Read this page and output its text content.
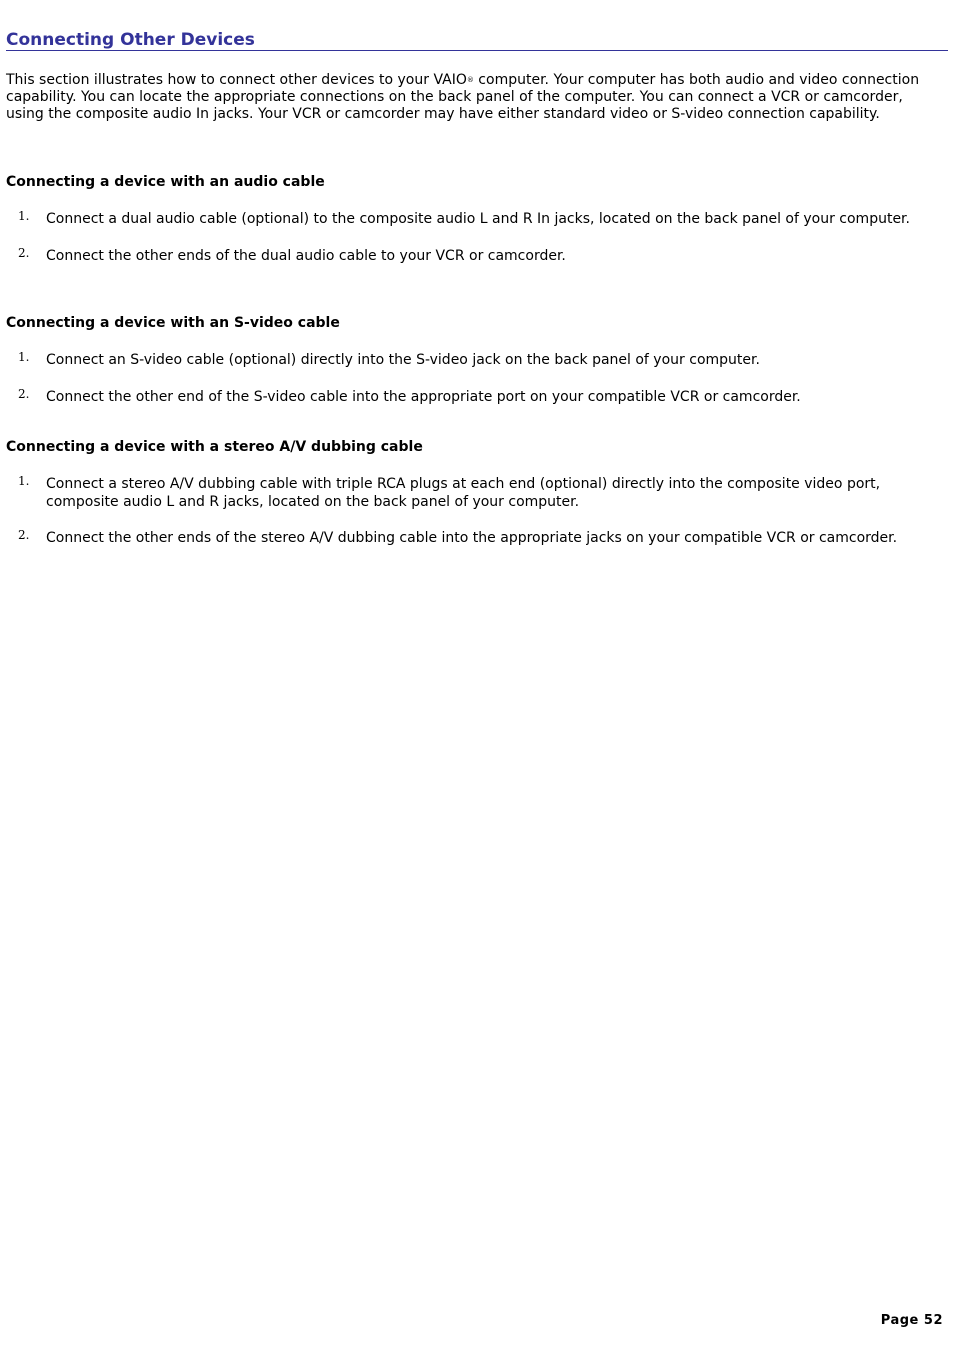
Connecting Other Devices

This section illustrates how to connect other devices to your VAIO® computer. Your computer has both audio and video connection capability. You can locate the appropriate connections on the back panel of the computer. You can connect a VCR or camcorder, using the composite audio In jacks. Your VCR or camcorder may have either standard video or S-video connection capability.

Connecting a device with an audio cable
1. Connect a dual audio cable (optional) to the composite audio L and R In jacks, located on the back panel of your computer.
2. Connect the other ends of the dual audio cable to your VCR or camcorder.
Connecting a device with an S-video cable
1. Connect an S-video cable (optional) directly into the S-video jack on the back panel of your computer.
2. Connect the other end of the S-video cable into the appropriate port on your compatible VCR or camcorder.
Connecting a device with a stereo A/V dubbing cable
1. Connect a stereo A/V dubbing cable with triple RCA plugs at each end (optional) directly into the composite video port, composite audio L and R jacks, located on the back panel of your computer.
2. Connect the other ends of the stereo A/V dubbing cable into the appropriate jacks on your compatible VCR or camcorder.
Page 52
